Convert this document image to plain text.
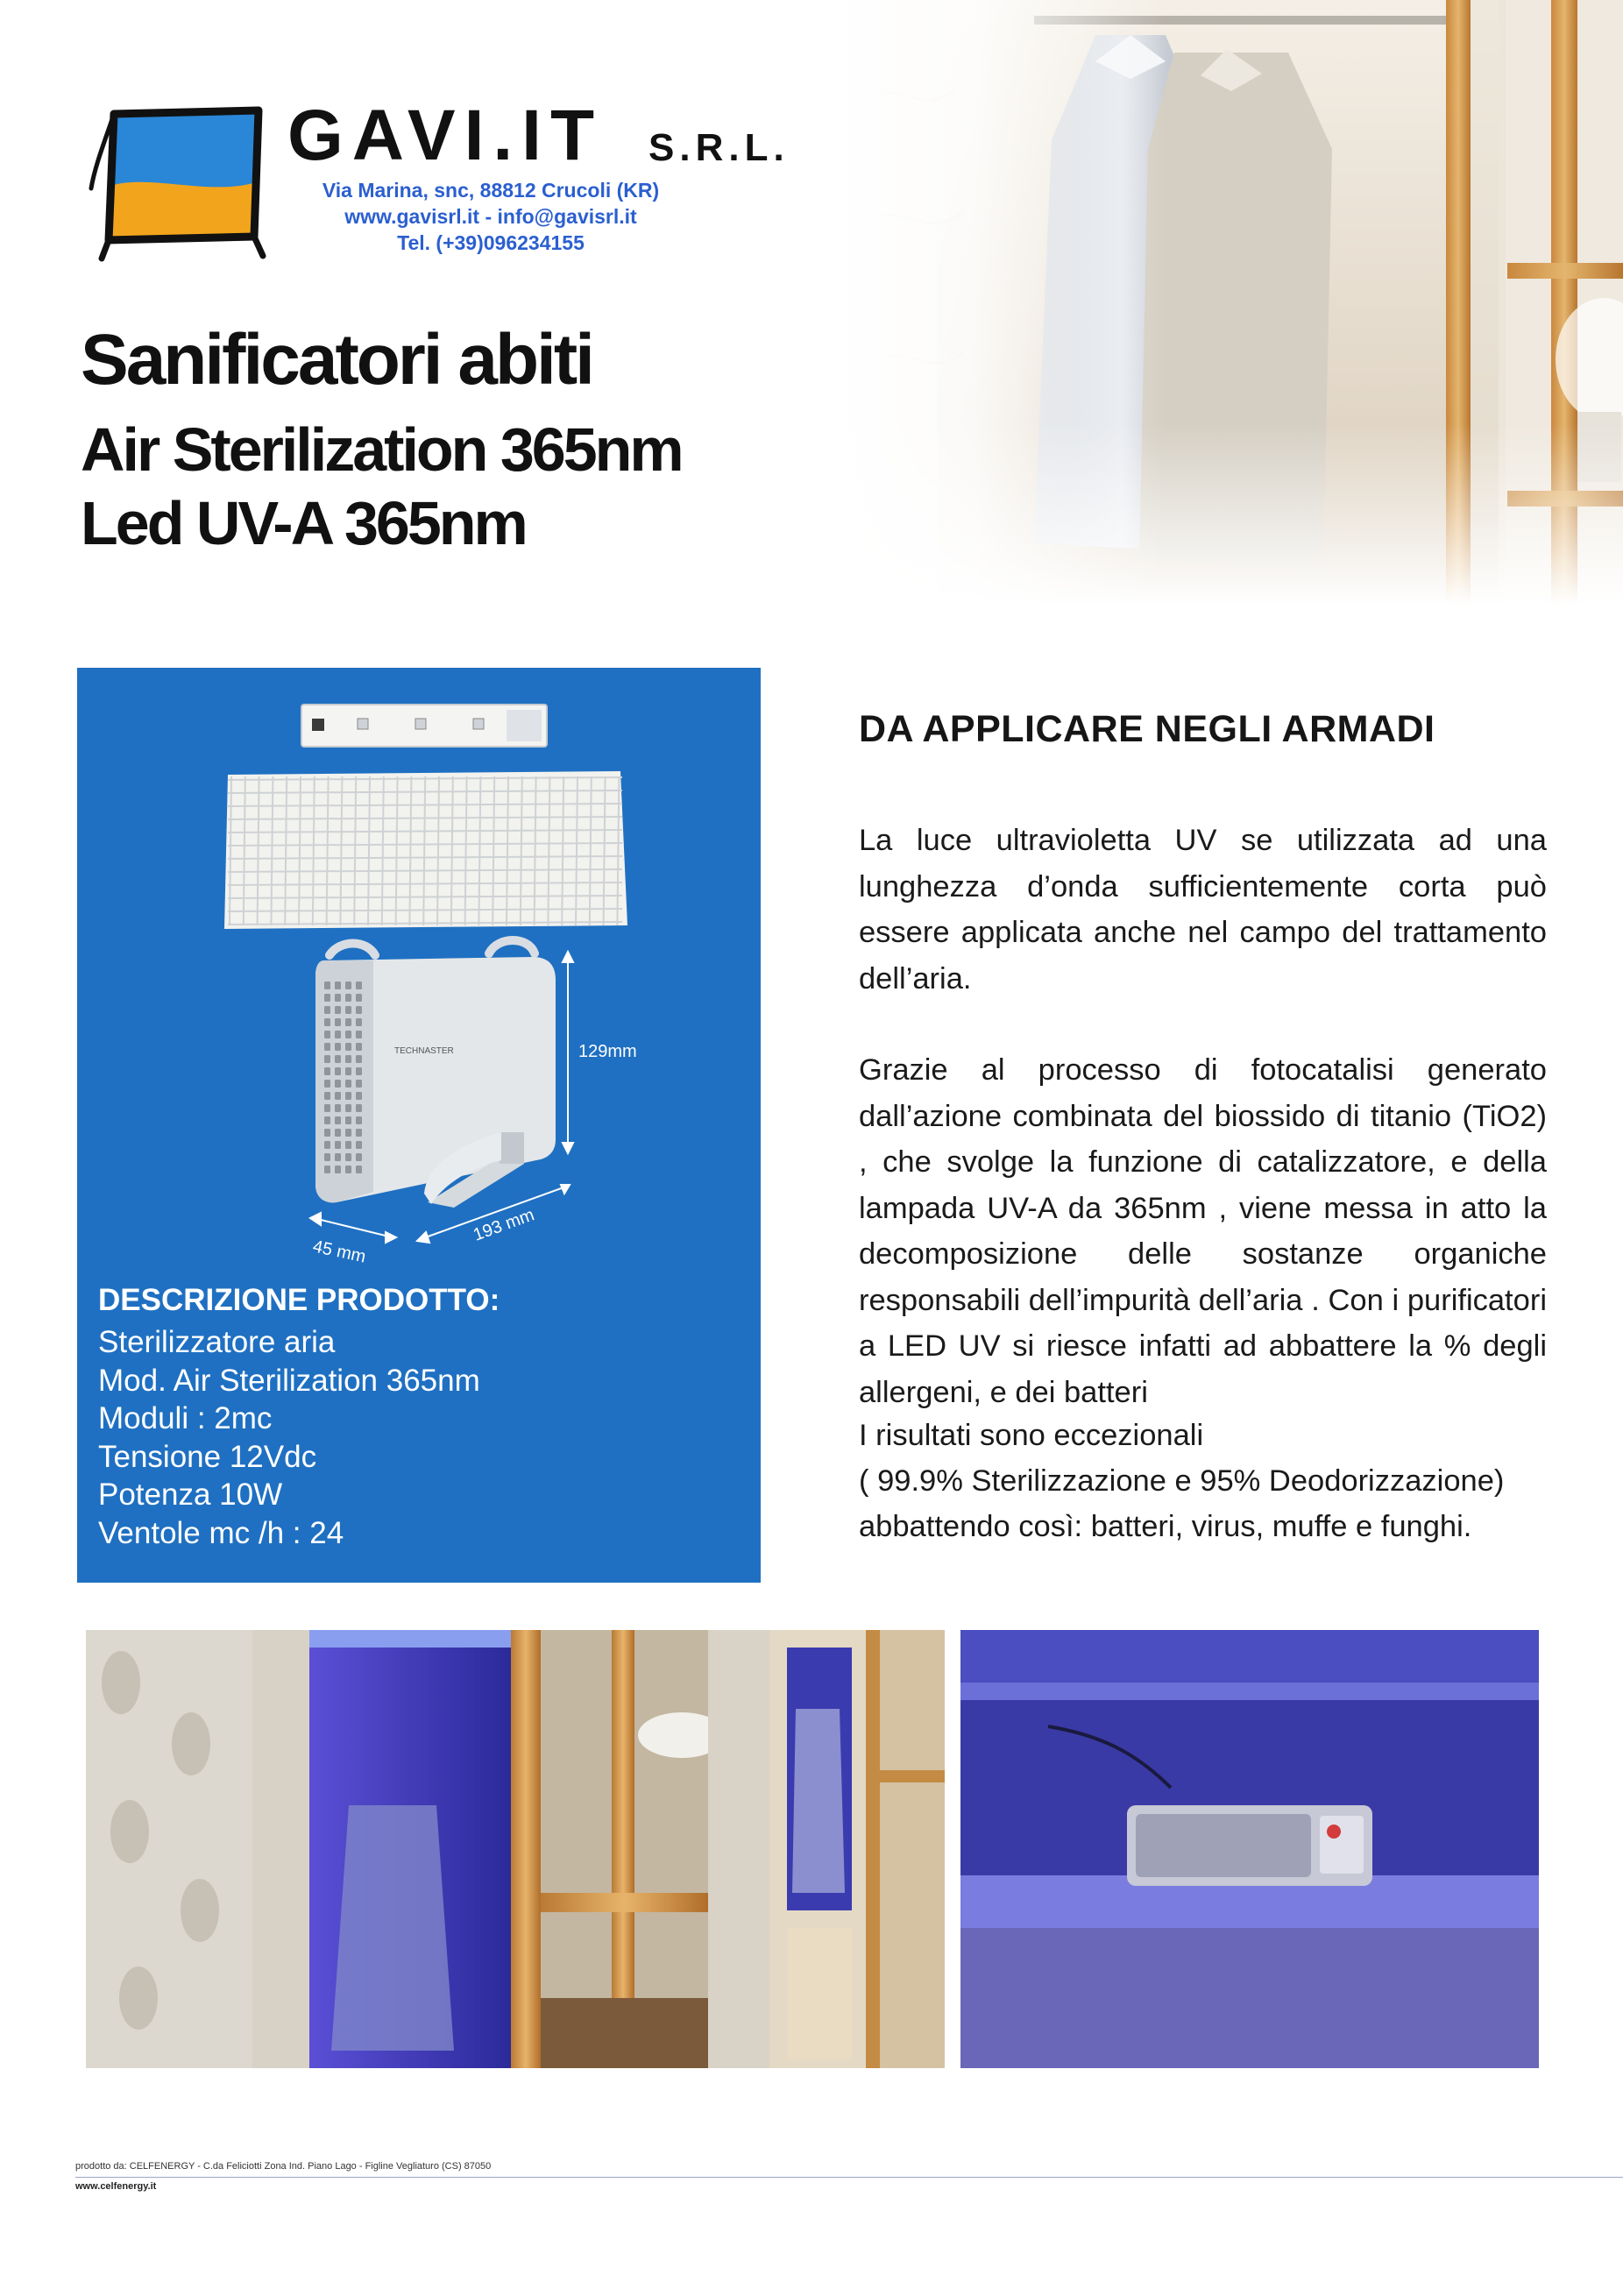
GAVI.IT S.R.L.
Via Marina, snc, 88812 Crucoli (KR)
www.gavisrl.it - info@gavisrl.it
Tel. (+39)096234155
Sanificatori abiti
Air Sterilization 365nm
Led UV-A 365nm
TECHNASTER	129mm
193 mm
45 mm
DESCRIZIONE PRODOTTO:
Sterilizzatore aria
Mod. Air Sterilization 365nm
Moduli : 2mc
Tensione 12Vdc
Potenza 10W
Ventole mc /h : 24
DA APPLICARE NEGLI ARMADI

La luce ultravioletta UV se utilizzata ad una lunghezza d’onda sufficientemente corta può essere applicata anche nel campo del trattamento dell’aria.

Grazie al processo di fotocatalisi generato dall’azione combinata del biossido di titanio (TiO2) , che svolge la funzione di catalizzatore, e della lampada UV-A da 365nm , viene messa in atto la decomposizione delle sostanze organiche responsabili dell’impurità dell’aria . Con i purificatori a LED UV si riesce infatti ad abbattere la % degli allergeni, e dei batteri

I risultati sono eccezionali
( 99.9% Sterilizzazione e 95% Deodorizzazione)
abbattendo così: batteri, virus, muffe e funghi.
prodotto da: CELFENERGY - C.da Feliciotti Zona Ind. Piano Lago - Figline Vegliaturo (CS) 87050
www.celfenergy.it
